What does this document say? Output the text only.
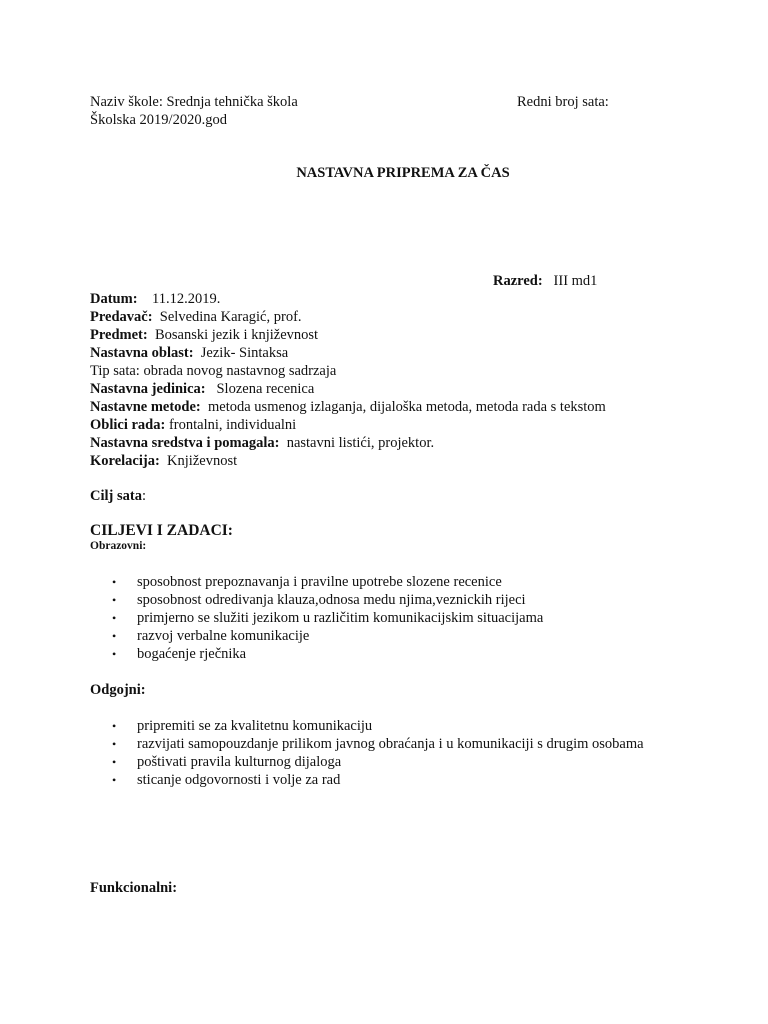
Naziv škole: Srednja tehnička škola	Redni broj sata:
Školska 2019/2020.god
NASTAVNA PRIPREMA ZA ČAS
Razred: III md1
Datum: 11.12.2019.
Predavač: Selvedina Karagić, prof.
Predmet: Bosanski jezik i književnost
Nastavna oblast: Jezik- Sintaksa
Tip sata: obrada novog nastavnog sadrzaja
Nastavna jedinica: Slozena recenica
Nastavne metode: metoda usmenog izlaganja, dijaloška metoda, metoda rada s tekstom
Oblici rada: frontalni, individualni
Nastavna sredstva i pomagala: nastavni listići, projektor.
Korelacija: Književnost
Cilj sata:
CILJEVI I ZADACI:
Obrazovni:
• sposobnost prepoznavanja i pravilne upotrebe slozene recenice
• sposobnost odredivanja klauza,odnosa medu njima,veznickih rijeci
• primjerno se služiti jezikom u različitim komunikacijskim situacijama
• razvoj verbalne komunikacije
• bogaćenje rječnika
Odgojni:
• pripremiti se za kvalitetnu komunikaciju
• razvijati samopouzdanje prilikom javnog obraćanja i u komunikaciji s drugim osobama
• poštivati pravila kulturnog dijaloga
• sticanje odgovornosti i volje za rad
Funkcionalni:
